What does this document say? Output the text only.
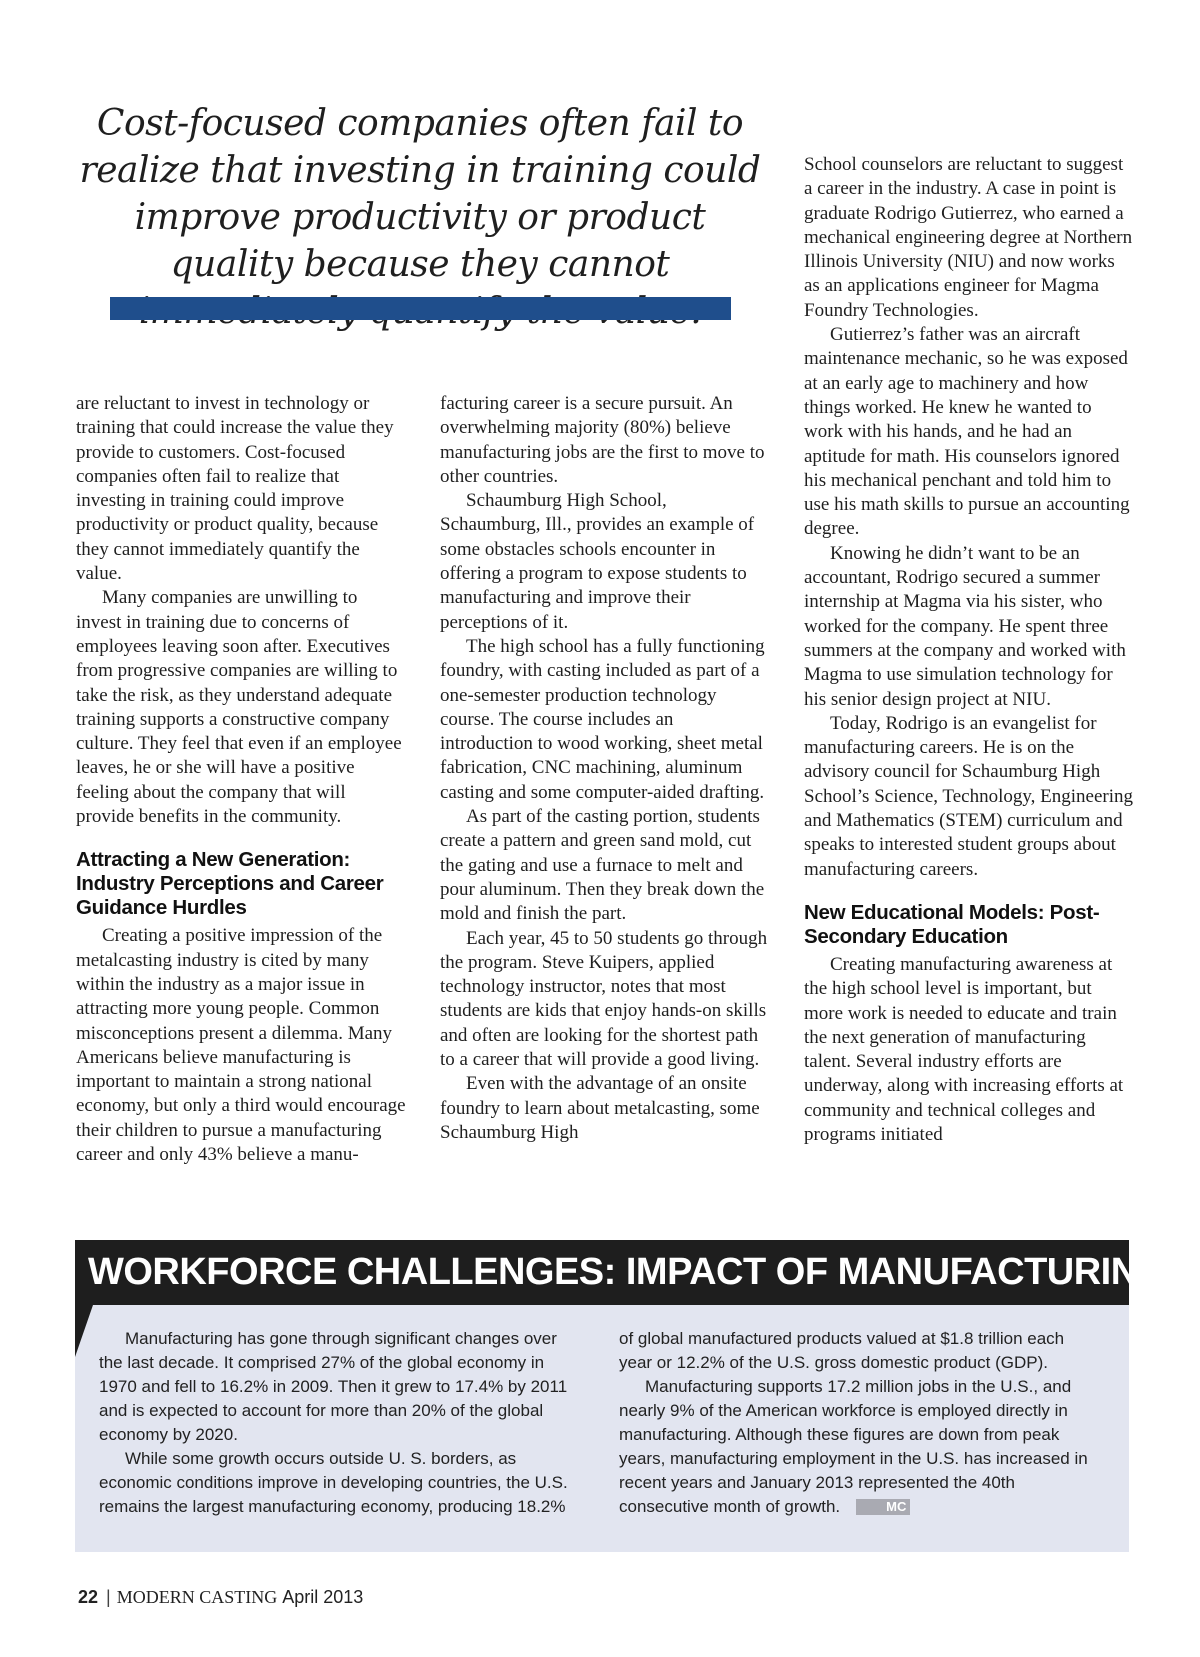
Cost-focused companies often fail to realize that investing in training could improve productivity or product quality because they cannot

are reluctant to invest in technology or training that could increase the value they provide to customers. Cost-focused companies often fail to realize that investing in training could improve productivity or product quality, because they cannot immediately quantify the value.

Many companies are unwilling to invest in training due to concerns of employees leaving soon after. Executives from progressive companies are willing to take the risk, as they understand adequate training supports a constructive company culture. They feel that even if an employee leaves, he or she will have a positive feeling about the company that will provide benefits in the community.

Attracting a New Generation: Industry Perceptions and Career Guidance Hurdles

Creating a positive impression of the metalcasting industry is cited by many within the industry as a major issue in attracting more young people. Common misconceptions present a dilemma. Many Americans believe manufacturing is important to maintain a strong national economy, but only a third would encourage their children to pursue a manufacturing career and only 43% believe a manu-

facturing career is a secure pursuit. An overwhelming majority (80%) believe manufacturing jobs are the first to move to other countries.

Schaumburg High School, Schaumburg, Ill., provides an example of some obstacles schools encounter in offering a program to expose students to manufacturing and improve their perceptions of it.

The high school has a fully functioning foundry, with casting included as part of a one-semester production technology course. The course includes an introduction to wood working, sheet metal fabrication, CNC machining, aluminum casting and some computer-aided drafting.

As part of the casting portion, students create a pattern and green sand mold, cut the gating and use a furnace to melt and pour aluminum. Then they break down the mold and finish the part.

Each year, 45 to 50 students go through the program. Steve Kuipers, applied technology instructor, notes that most students are kids that enjoy hands-on skills and often are looking for the shortest path to a career that will provide a good living.

Even with the advantage of an onsite foundry to learn about metalcasting, some Schaumburg High

School counselors are reluctant to suggest a career in the industry. A case in point is graduate Rodrigo Gutierrez, who earned a mechanical engineering degree at Northern Illinois University (NIU) and now works as an applications engineer for Magma Foundry Technologies.

Gutierrez’s father was an aircraft maintenance mechanic, so he was exposed at an early age to machinery and how things worked. He knew he wanted to work with his hands, and he had an aptitude for math. His counselors ignored his mechanical penchant and told him to use his math skills to pursue an accounting degree.

Knowing he didn’t want to be an accountant, Rodrigo secured a summer internship at Magma via his sister, who worked for the company. He spent three summers at the company and worked with Magma to use simulation technology for his senior design project at NIU.

Today, Rodrigo is an evangelist for manufacturing careers. He is on the advisory council for Schaumburg High School’s Science, Technology, Engineering and Mathematics (STEM) curriculum and speaks to interested student groups about manufacturing careers.

New Educational Models: Post-Secondary Education

Creating manufacturing awareness at the high school level is important, but more work is needed to educate and train the next generation of manufacturing talent. Several industry efforts are underway, along with increasing efforts at community and technical colleges and programs initiated

WORKFORCE CHALLENGES: IMPACT OF MANUFACTURING

Manufacturing has gone through significant changes over the last decade. It comprised 27% of the global economy in 1970 and fell to 16.2% in 2009. Then it grew to 17.4% by 2011 and is expected to account for more than 20% of the global economy by 2020.

While some growth occurs outside U. S. borders, as economic conditions improve in developing countries, the U.S. remains the largest manufacturing economy, producing 18.2%

of global manufactured products valued at $1.8 trillion each year or 12.2% of the U.S. gross domestic product (GDP).

Manufacturing supports 17.2 million jobs in the U.S., and nearly 9% of the American workforce is employed directly in manufacturing. Although these figures are down from peak years, manufacturing employment in the U.S. has increased in recent years and January 2013 represented the 40th consecutive month of growth.	MC

22 | MODERN CASTING April 2013
